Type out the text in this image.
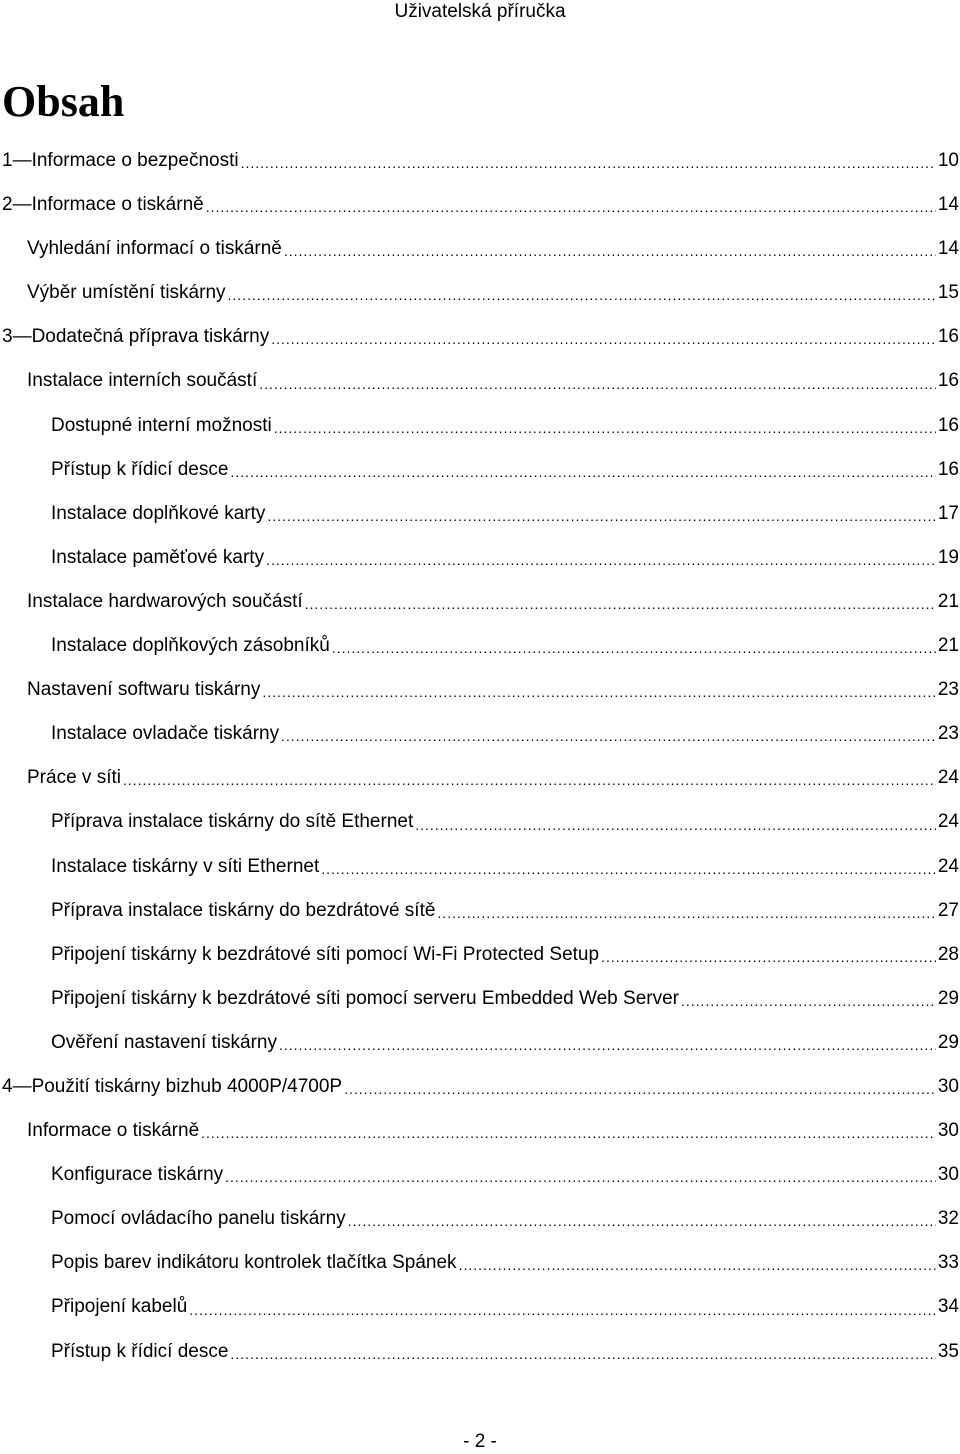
Uživatelská příručka
Obsah
1—Informace o bezpečnosti .....	10
2—Informace o tiskárně .....	14
Vyhledání informací o tiskárně .....	14
Výběr umístění tiskárny .....	15
3—Dodatečná příprava tiskárny .....	16
Instalace interních součástí .....	16
Dostupné interní možnosti .....	16
Přístup k řídicí desce .....	16
Instalace doplňkové karty .....	17
Instalace paměťové karty .....	19
Instalace hardwarových součástí .....	21
Instalace doplňkových zásobníků .....	21
Nastavení softwaru tiskárny .....	23
Instalace ovladače tiskárny .....	23
Práce v síti .....	24
Příprava instalace tiskárny do sítě Ethernet .....	24
Instalace tiskárny v síti Ethernet .....	24
Příprava instalace tiskárny do bezdrátové sítě .....	27
Připojení tiskárny k bezdrátové síti pomocí Wi-Fi Protected Setup .....	28
Připojení tiskárny k bezdrátové síti pomocí serveru Embedded Web Server .....	29
Ověření nastavení tiskárny .....	29
4—Použití tiskárny bizhub 4000P/4700P .....	30
Informace o tiskárně .....	30
Konfigurace tiskárny .....	30
Pomocí ovládacího panelu tiskárny .....	32
Popis barev indikátoru kontrolek tlačítka Spánek .....	33
Připojení kabelů .....	34
Přístup k řídicí desce .....	35
- 2 -
